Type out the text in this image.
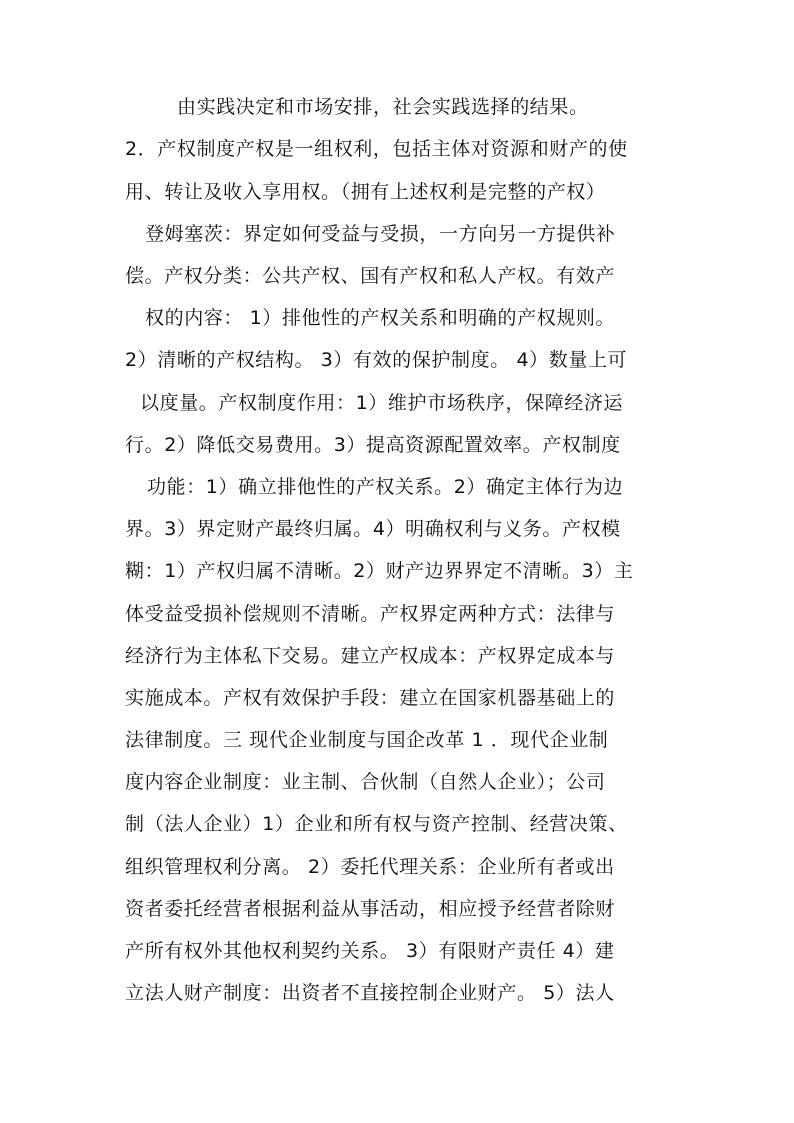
由实践决定和市场安排，社会实践选择的结果。
2．产权制度产权是一组权利，包括主体对资源和财产的使
用、转让及收入享用权。（拥有上述权利是完整的产权）
登姆塞茨：界定如何受益与受损，一方向另一方提供补
偿。产权分类：公共产权、国有产权和私人产权。有效产
权的内容： 1）排他性的产权关系和明确的产权规则。
2）清晰的产权结构。 3）有效的保护制度。 4）数量上可
以度量。产权制度作用：1）维护市场秩序，保障经济运
行。2）降低交易费用。3）提高资源配置效率。产权制度
功能：1）确立排他性的产权关系。2）确定主体行为边
界。3）界定财产最终归属。4）明确权利与义务。产权模
糊：1）产权归属不清晰。2）财产边界界定不清晰。3）主
体受益受损补偿规则不清晰。产权界定两种方式：法律与
经济行为主体私下交易。建立产权成本：产权界定成本与
实施成本。产权有效保护手段：建立在国家机器基础上的
法律制度。三 现代企业制度与国企改革 1 ．现代企业制
度内容企业制度：业主制、合伙制（自然人企业）；公司
制（法人企业）1）企业和所有权与资产控制、经营决策、
组织管理权利分离。 2）委托代理关系：企业所有者或出
资者委托经营者根据利益从事活动，相应授予经营者除财
产所有权外其他权利契约关系。 3）有限财产责任 4）建
立法人财产制度：出资者不直接控制企业财产。 5）法人
